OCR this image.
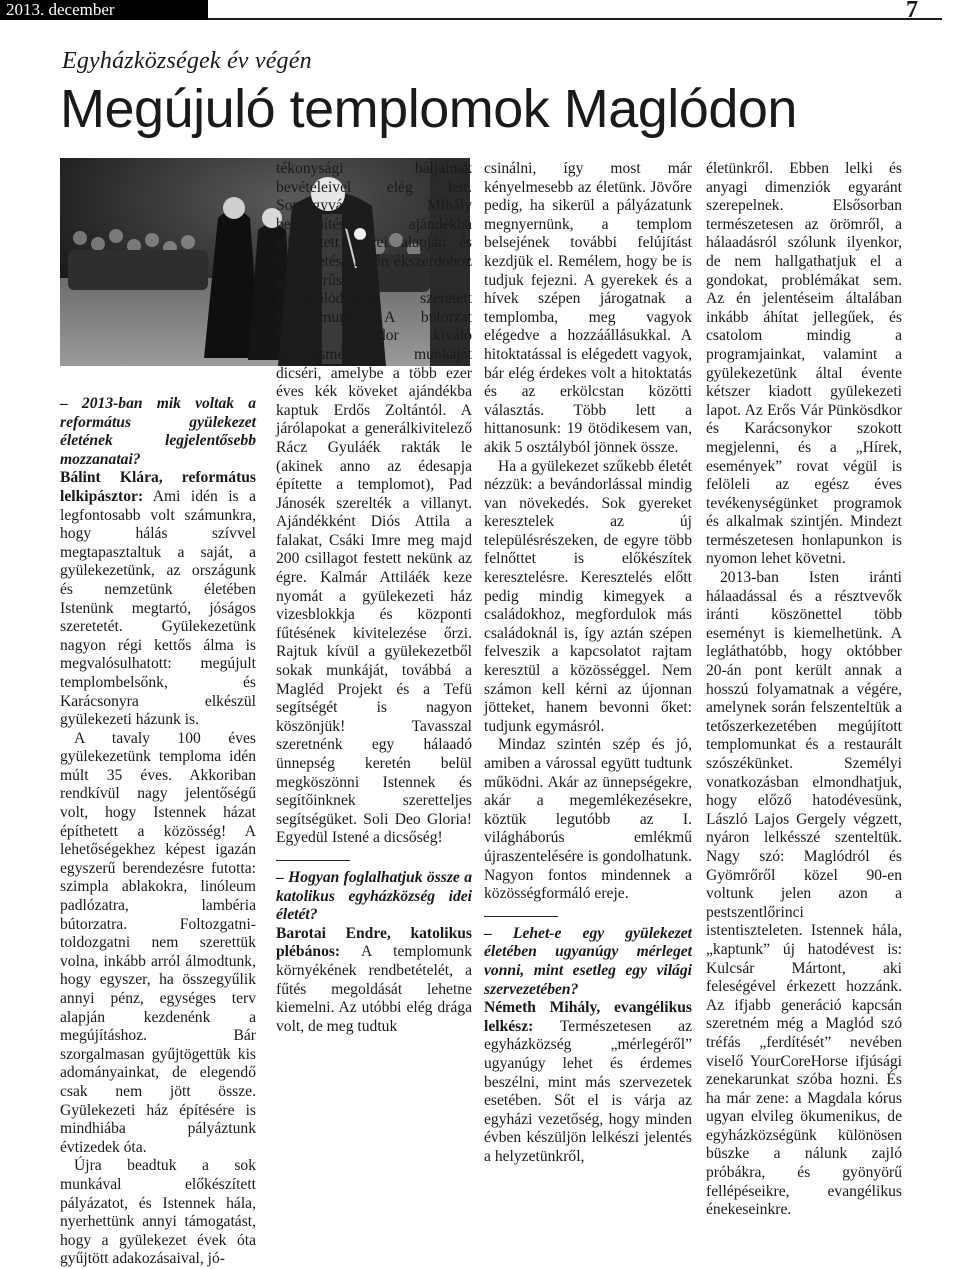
2013. december	7
Egyházközségek év végén
Megújuló templomok Maglódon

– 2013-ban mik voltak a református gyülekezet életének legjelentősebb mozzanatai?

Bálint Klára, református lelkipásztor: Ami idén is a legfontosabb volt számunkra, hogy hálás szívvel megtapasztaltuk a saját, a gyülekezetünk, az országunk és nemzetünk életében Istenünk megtartó, jóságos szeretetét. Gyülekezetünk nagyon régi kettős álma is megvalósulhatott: megújult templombelsőnk, és Karácsonyra elkészül gyülekezeti házunk is.

A tavaly 100 éves gyülekezetünk temploma idén múlt 35 éves. Akkoriban rendkívül nagy jelentőségű volt, hogy Istennek házat építhetett a közösség! A lehetőségekhez képest igazán egyszerű berendezésre futotta: szimpla ablakokra, linóleum padlózatra, lambéria bútorzatra. Foltozgatni-toldozgatni nem szerettük volna, inkább arról álmodtunk, hogy egyszer, ha összegyűlik annyi pénz, egységes terv alapján kezdenénk a megújításhoz. Bár szorgalmasan gyűjtögettük kis adományainkat, de elegendő csak nem jött össze. Gyülekezeti ház építésére is mindhiába pályáztunk évtizedek óta.

Újra beadtuk a sok munkával előkészített pályázatot, és Istennek hála, nyerhettünk annyi támogatást, hogy a gyülekezet évek óta gyűjtött adakozásaival, jó-

tékonysági báljainak bevételeivel elég lett. Somogyváry Mihály belsőépítész ajándékba elkészített tervei alapján és művezetése révén ékszerdoboz gyönyörűségűre varázsolódhatott szeretett templomunk. A bútorzat Franyó Sándor kiváló asztalosmester munkáját dicséri, amelybe a több ezer éves kék köveket ajándékba kaptuk Erdős Zoltántól. A járólapokat a generálkivitelező Rácz Gyuláék rakták le (akinek anno az édesapja építette a templomot), Pad Jánosék szerelték a villanyt. Ajándékként Diós Attila a falakat, Csáki Imre meg majd 200 csillagot festett nekünk az égre. Kalmár Attiláék keze nyomát a gyülekezeti ház vizesblokkja és központi fűtésének kivitelezése őrzi. Rajtuk kívül a gyülekezetből sokak munkáját, továbbá a Magléd Projekt és a Tefü segítségét is nagyon köszönjük! Tavasszal szeretnénk egy hálaadó ünnepség keretén belül megköszönni Istennek és segítőinknek szeretteljes segítségüket. Soli Deo Gloria! Egyedül Istené a dicsőség!

– Hogyan foglalhatjuk össze a katolikus egyházközség idei életét?

Barotai Endre, katolikus plébános: A templomunk környékének rendbetételét, a fűtés megoldását lehetne kiemelni. Az utóbbi elég drága volt, de meg tudtuk

csinálni, így most már kényelmesebb az életünk. Jövőre pedig, ha sikerül a pályázatunk megnyernünk, a templom belsejének további felújítást kezdjük el. Remélem, hogy be is tudjuk fejezni. A gyerekek és a hívek szépen járogatnak a templomba, meg vagyok elégedve a hozzáállásukkal. A hitoktatással is elégedett vagyok, bár elég érdekes volt a hitoktatás és az erkölcstan közötti választás. Több lett a hittanosunk: 19 ötödikesem van, akik 5 osztályból jönnek össze.

Ha a gyülekezet szűkebb életét nézzük: a bevándorlással mindig van növekedés. Sok gyereket keresztelek az új településrészeken, de egyre több felnőttet is előkészítek keresztelésre. Keresztelés előtt pedig mindig kimegyek a családokhoz, megfordulok más családoknál is, így aztán szépen felveszik a kapcsolatot rajtam keresztül a közösséggel. Nem számon kell kérni az újonnan jötteket, hanem bevonni őket: tudjunk egymásról.

Mindaz szintén szép és jó, amiben a várossal együtt tudtunk működni. Akár az ünnepségekre, akár a megemlékezésekre, köztük legutóbb az I. világháborús emlékmű újraszentelésére is gondolhatunk. Nagyon fontos mindennek a közösségformáló ereje.

– Lehet-e egy gyülekezet életében ugyanúgy mérleget vonni, mint esetleg egy világi szervezetében?

Németh Mihály, evangélikus lelkész: Természetesen az egyházközség „mérlegéről” ugyanúgy lehet és érdemes beszélni, mint más szervezetek esetében. Sőt el is várja az egyházi vezetőség, hogy minden évben készüljön lelkészi jelentés a helyzetünkről,

életünkről. Ebben lelki és anyagi dimenziók egyaránt szerepelnek. Elsősorban természetesen az örömről, a hálaadásról szólunk ilyenkor, de nem hallgathatjuk el a gondokat, problémákat sem. Az én jelentéseim általában inkább áhítat jellegűek, és csatolom mindig a programjainkat, valamint a gyülekezetünk által évente kétszer kiadott gyülekezeti lapot. Az Erős Vár Pünkösdkor és Karácsonykor szokott megjelenni, és a „Hírek, események” rovat végül is felöleli az egész éves tevékenységünket programok és alkalmak szintjén. Mindezt természetesen honlapunkon is nyomon lehet követni.

2013-ban Isten iránti hálaadással és a résztvevők iránti köszönettel több eseményt is kiemelhetünk. A legláthatóbb, hogy októbber 20-án pont került annak a hosszú folyamatnak a végére, amelynek során felszenteltük a tetőszerkezetében megújított templomunkat és a restaurált szószékünket. Személyi vonatkozásban elmondhatjuk, hogy előző hatodévesünk, László Lajos Gergely végzett, nyáron lelkésszé szenteltük. Nagy szó: Maglódról és Gyömrőről közel 90-en voltunk jelen azon a pestszentlőrinci istentiszteleten. Istennek hála, „kaptunk” új hatodévest is: Kulcsár Mártont, aki feleségével érkezett hozzánk. Az ifjabb generáció kapcsán szeretném még a Maglód szó tréfás „ferdítését” nevében viselő YourCoreHorse ifjúsági zenekarunkat szóba hozni. És ha már zene: a Magdala kórus ugyan elvileg ökumenikus, de egyházközségünk különösen büszke a nálunk zajló próbákra, és gyönyörű fellépéseikre, evangélikus énekeseinkre.
